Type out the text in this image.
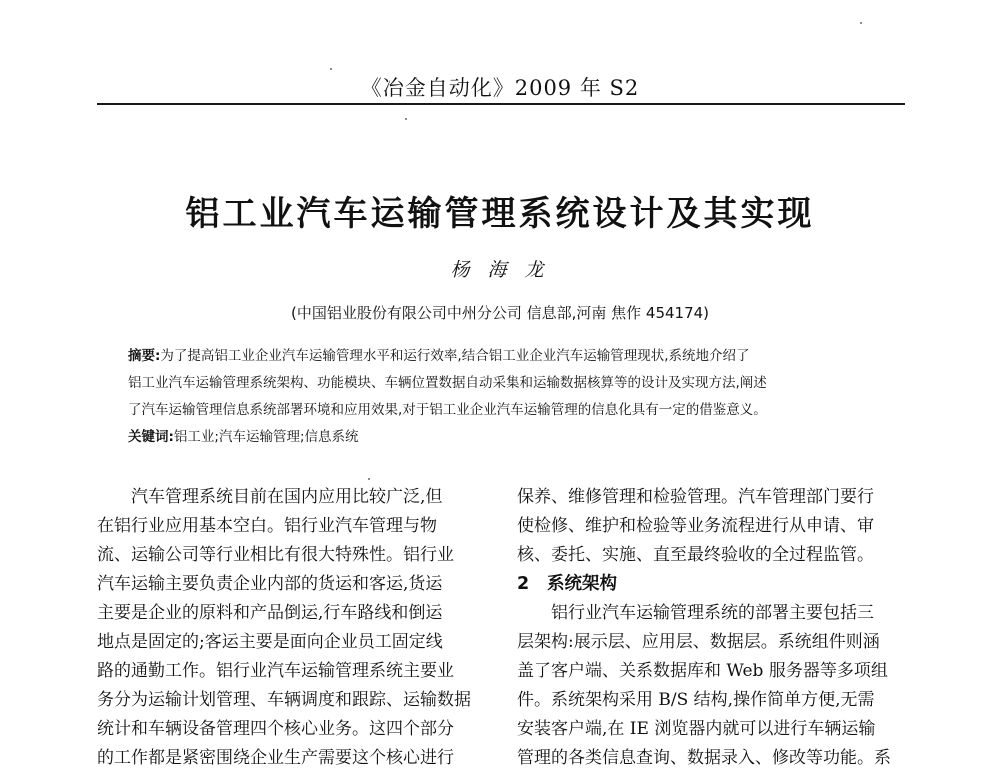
《冶金自动化》2009 年 S2
铝工业汽车运输管理系统设计及其实现
杨 海 龙
(中国铝业股份有限公司中州分公司 信息部,河南 焦作 454174)
摘要:为了提高铝工业企业汽车运输管理水平和运行效率,结合铝工业企业汽车运输管理现状,系统地介绍了
铝工业汽车运输管理系统架构、功能模块、车辆位置数据自动采集和运输数据核算等的设计及实现方法,阐述
了汽车运输管理信息系统部署环境和应用效果,对于铝工业企业汽车运输管理的信息化具有一定的借鉴意义。
关键词:铝工业;汽车运输管理;信息系统
汽车管理系统目前在国内应用比较广泛,但
在铝行业应用基本空白。铝行业汽车管理与物
流、运输公司等行业相比有很大特殊性。铝行业
汽车运输主要负责企业内部的货运和客运,货运
主要是企业的原料和产品倒运,行车路线和倒运
地点是固定的;客运主要是面向企业员工固定线
路的通勤工作。铝行业汽车运输管理系统主要业
务分为运输计划管理、车辆调度和跟踪、运输数据
统计和车辆设备管理四个核心业务。这四个部分
的工作都是紧密围绕企业生产需要这个核心进行
保养、维修管理和检验管理。汽车管理部门要行
使检修、维护和检验等业务流程进行从申请、审
核、委托、实施、直至最终验收的全过程监管。
2 系统架构
铝行业汽车运输管理系统的部署主要包括三
层架构:展示层、应用层、数据层。系统组件则涵
盖了客户端、关系数据库和 Web 服务器等多项组
件。系统架构采用 B/S 结构,操作简单方便,无需
安装客户端,在 IE 浏览器内就可以进行车辆运输
管理的各类信息查询、数据录入、修改等功能。系
